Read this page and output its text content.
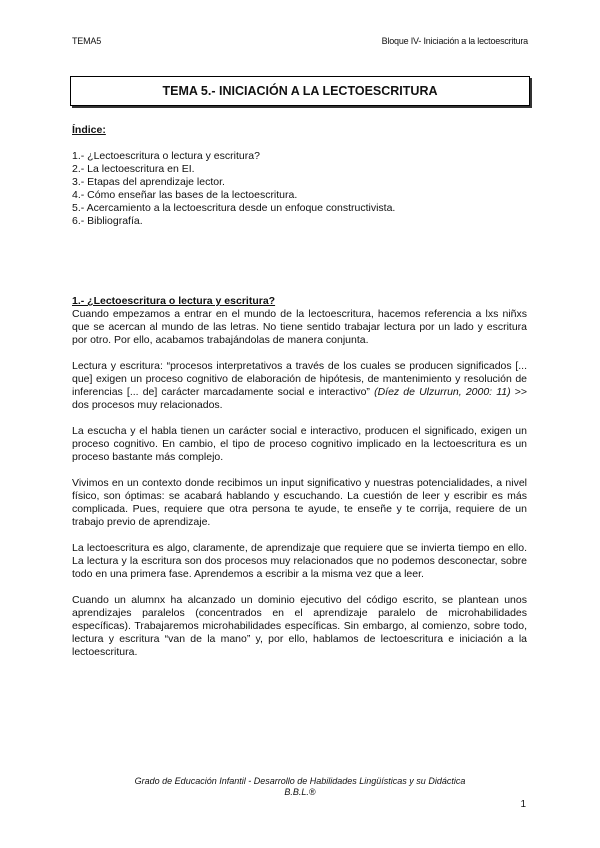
TEMA5	Bloque IV- Iniciación a la lectoescritura
TEMA 5.- INICIACIÓN A LA LECTOESCRITURA
Índice:
1.- ¿Lectoescritura o lectura y escritura?
2.- La lectoescritura en EI.
3.- Etapas del aprendizaje lector.
4.- Cómo enseñar las bases de la lectoescritura.
5.- Acercamiento a la lectoescritura desde un enfoque constructivista.
6.- Bibliografía.
1.- ¿Lectoescritura o lectura y escritura?

Cuando empezamos a entrar en el mundo de la lectoescritura, hacemos referencia a lxs niñxs que se acercan al mundo de las letras. No tiene sentido trabajar lectura por un lado y escritura por otro. Por ello, acabamos trabajándolas de manera conjunta.

Lectura y escritura: “procesos interpretativos a través de los cuales se producen significados [... que] exigen un proceso cognitivo de elaboración de hipótesis, de mantenimiento y resolución de inferencias [... de] carácter marcadamente social e interactivo” (Díez de Ulzurrun, 2000: 11) >> dos procesos muy relacionados.

La escucha y el habla tienen un carácter social e interactivo, producen el significado, exigen un proceso cognitivo. En cambio, el tipo de proceso cognitivo implicado en la lectoescritura es un proceso bastante más complejo.

Vivimos en un contexto donde recibimos un input significativo y nuestras potencialidades, a nivel físico, son óptimas: se acabará hablando y escuchando. La cuestión de leer y escribir es más complicada. Pues, requiere que otra persona te ayude, te enseñe y te corrija, requiere de un trabajo previo de aprendizaje.

La lectoescritura es algo, claramente, de aprendizaje que requiere que se invierta tiempo en ello. La lectura y la escritura son dos procesos muy relacionados que no podemos desconectar, sobre todo en una primera fase. Aprendemos a escribir a la misma vez que a leer.

Cuando un alumnx ha alcanzado un dominio ejecutivo del código escrito, se plantean unos aprendizajes paralelos (concentrados en el aprendizaje paralelo de microhabilidades específicas). Trabajaremos microhabilidades específicas. Sin embargo, al comienzo, sobre todo, lectura y escritura “van de la mano” y, por ello, hablamos de lectoescritura e iniciación a la lectoescritura.

Grado de Educación Infantil - Desarrollo de Habilidades Lingüísticas y su Didáctica
B.B.L.®
1
